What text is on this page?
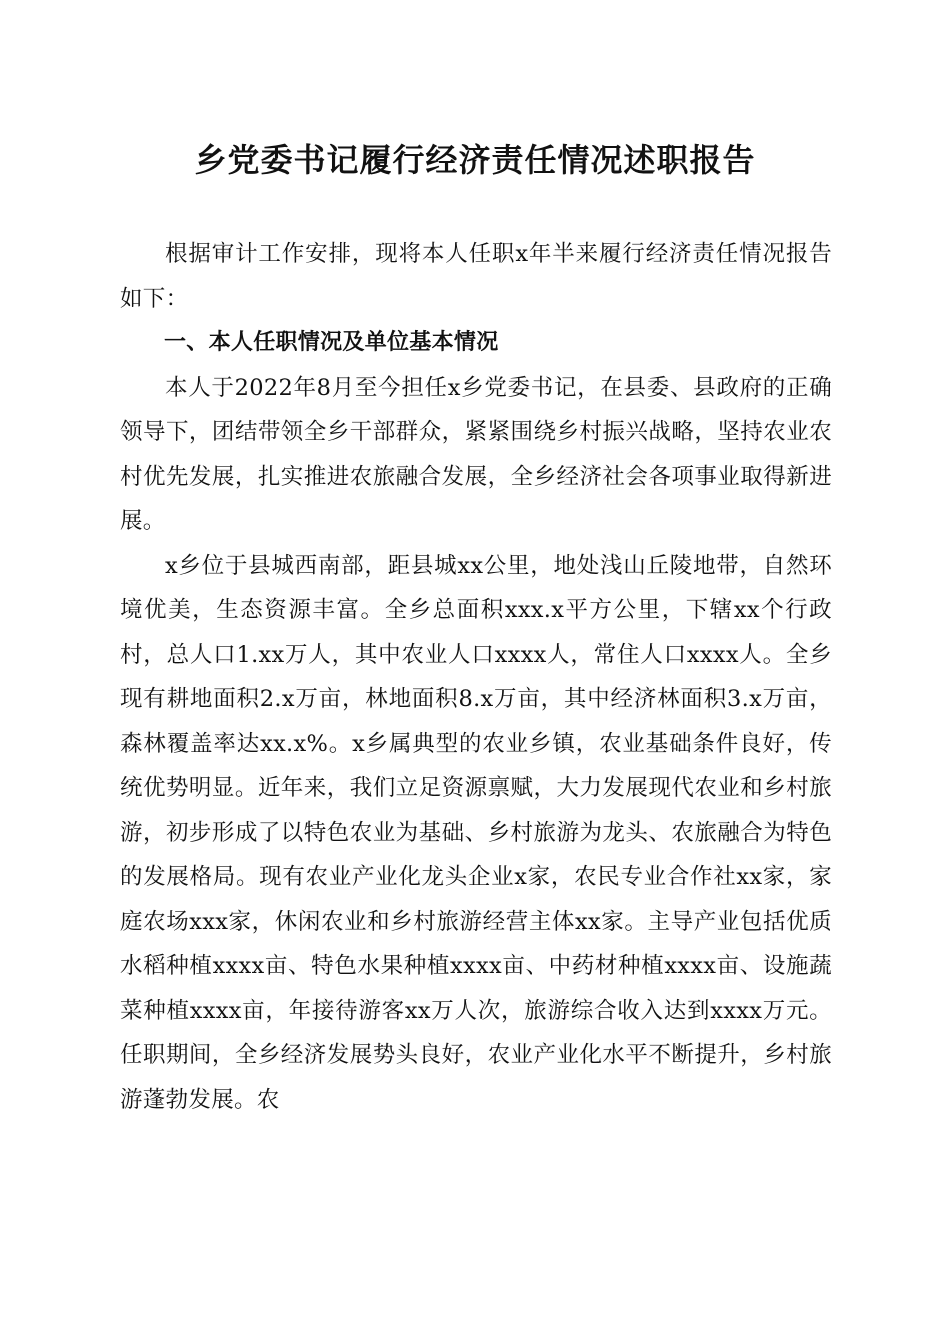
乡党委书记履行经济责任情况述职报告

根据审计工作安排，现将本人任职x年半来履行经济责任情况报告如下：

一、本人任职情况及单位基本情况

本人于2022年8月至今担任x乡党委书记，在县委、县政府的正确领导下，团结带领全乡干部群众，紧紧围绕乡村振兴战略，坚持农业农村优先发展，扎实推进农旅融合发展，全乡经济社会各项事业取得新进展。

x乡位于县城西南部，距县城xx公里，地处浅山丘陵地带，自然环境优美，生态资源丰富。全乡总面积xxx.x平方公里，下辖xx个行政村，总人口1.xx万人，其中农业人口xxxx人，常住人口xxxx人。全乡现有耕地面积2.x万亩，林地面积8.x万亩，其中经济林面积3.x万亩，森林覆盖率达xx.x%。x乡属典型的农业乡镇，农业基础条件良好，传统优势明显。近年来，我们立足资源禀赋，大力发展现代农业和乡村旅游，初步形成了以特色农业为基础、乡村旅游为龙头、农旅融合为特色的发展格局。现有农业产业化龙头企业x家，农民专业合作社xx家，家庭农场xxx家，休闲农业和乡村旅游经营主体xx家。主导产业包括优质水稻种植xxxx亩、特色水果种植xxxx亩、中药材种植xxxx亩、设施蔬菜种植xxxx亩，年接待游客xx万人次，旅游综合收入达到xxxx万元。任职期间，全乡经济发展势头良好，农业产业化水平不断提升，乡村旅游蓬勃发展。农
